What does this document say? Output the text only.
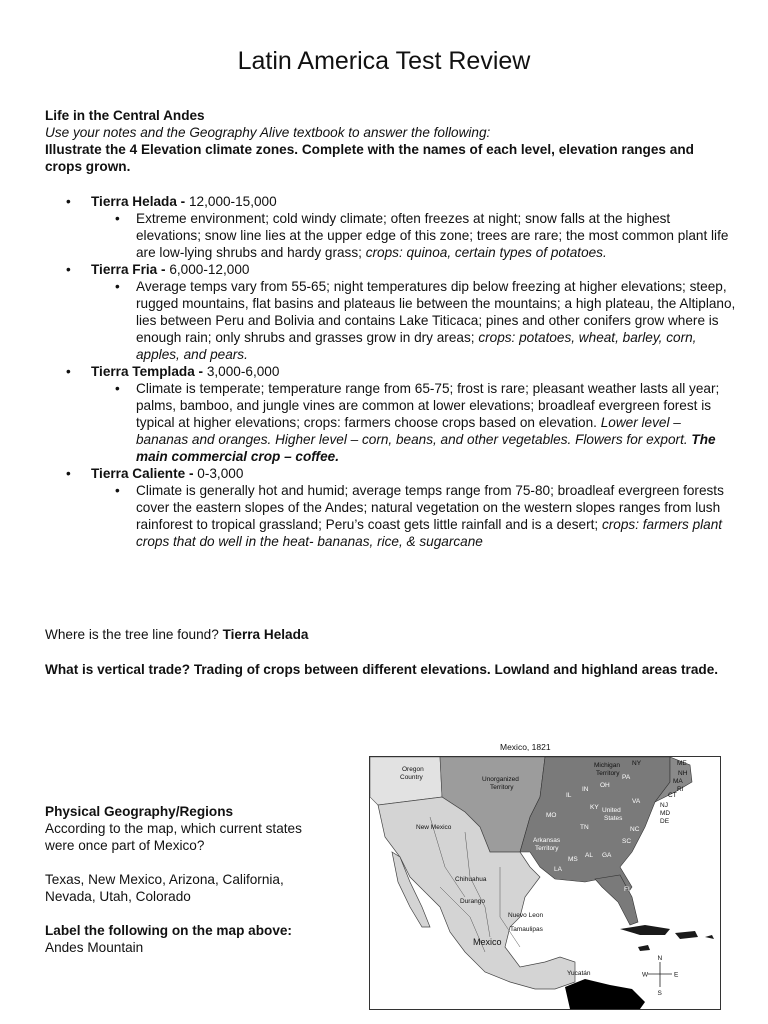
Latin America Test Review
Life in the Central Andes
Use your notes and the Geography Alive textbook to answer the following:
Illustrate the 4 Elevation climate zones. Complete with the names of each level, elevation ranges and crops grown.
• Tierra Helada - 12,000-15,000
• Extreme environment; cold windy climate; often freezes at night; snow falls at the highest elevations; snow line lies at the upper edge of this zone; trees are rare; the most common plant life are low-lying shrubs and hardy grass; crops: quinoa, certain types of potatoes.
• Tierra Fria - 6,000-12,000
• Average temps vary from 55-65; night temperatures dip below freezing at higher elevations; steep, rugged mountains, flat basins and plateaus lie between the mountains; a high plateau, the Altiplano, lies between Peru and Bolivia and contains Lake Titicaca; pines and other conifers grow where is enough rain; only shrubs and grasses grow in dry areas; crops: potatoes, wheat, barley, corn, apples, and pears.
• Tierra Templada - 3,000-6,000
• Climate is temperate; temperature range from 65-75; frost is rare; pleasant weather lasts all year; palms, bamboo, and jungle vines are common at lower elevations; broadleaf evergreen forest is typical at higher elevations; crops: farmers choose crops based on elevation. Lower level – bananas and oranges. Higher level – corn, beans, and other vegetables. Flowers for export. The main commercial crop – coffee.
• Tierra Caliente - 0-3,000
• Climate is generally hot and humid; average temps range from 75-80; broadleaf evergreen forests cover the eastern slopes of the Andes; natural vegetation on the western slopes ranges from lush rainforest to tropical grassland; Peru’s coast gets little rainfall and is a desert; crops: farmers plant crops that do well in the heat- bananas, rice, & sugarcane
Where is the tree line found? Tierra Helada
What is vertical trade? Trading of crops between different elevations. Lowland and highland areas trade.
Mexico, 1821
N
S
W	E
Oregon
Country	Unorganized
Territory
Michigan
Territory
New Mexico
Arkansas
Territory
United
States
Mexico
Chihuahua
Nuevo Leon
Tamaulipas
Durango
Yucatán
NY	ME
NH
MA
RI
CT
PA
NJ
OH
IN
IL
MO
KY
VA
MD
DE
TN	NC
SC
GA
AL
MS
LA
FL
Physical Geography/Regions
According to the map, which current states were once part of Mexico?
Texas, New Mexico, Arizona, California, Nevada, Utah, Colorado
Label the following on the map above:
Andes Mountain
